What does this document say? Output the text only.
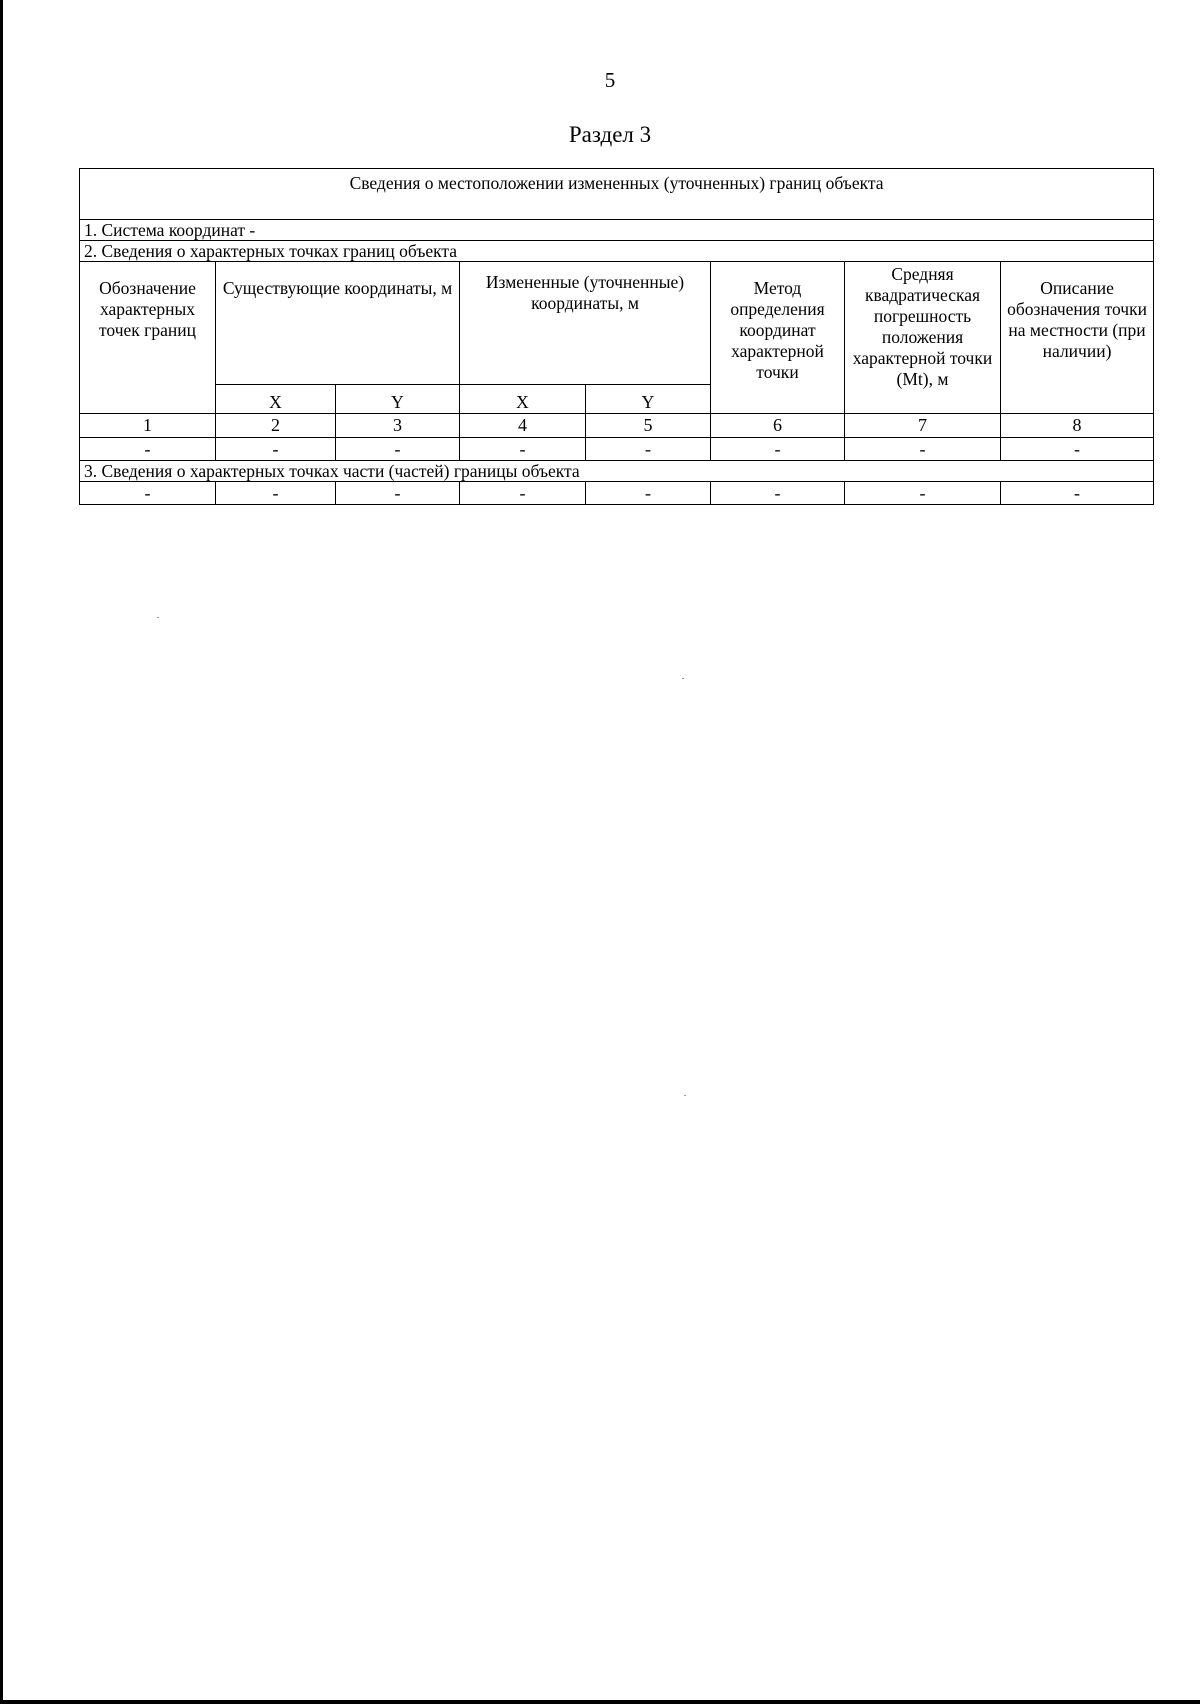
5
Раздел 3
Сведения о местоположении измененных (уточненных) границ объекта							
1. Система координат -							
2. Сведения о характерных точках границ объекта							
Обозначение характерных точек границ	Существующие координаты, м		Измененные (уточненные) координаты, м		Метод определения координат характерной точки	Средняя квадратическая погрешность положения характерной точки (Mt), м	Описание обозначения точки на местности (при наличии)
	X	Y	X	Y			
1	2	3	4	5	6	7	8
-	-	-	-	-	-	-	-
3. Сведения о характерных точках части (частей) границы объекта							
-	-	-	-	-	-	-	-
